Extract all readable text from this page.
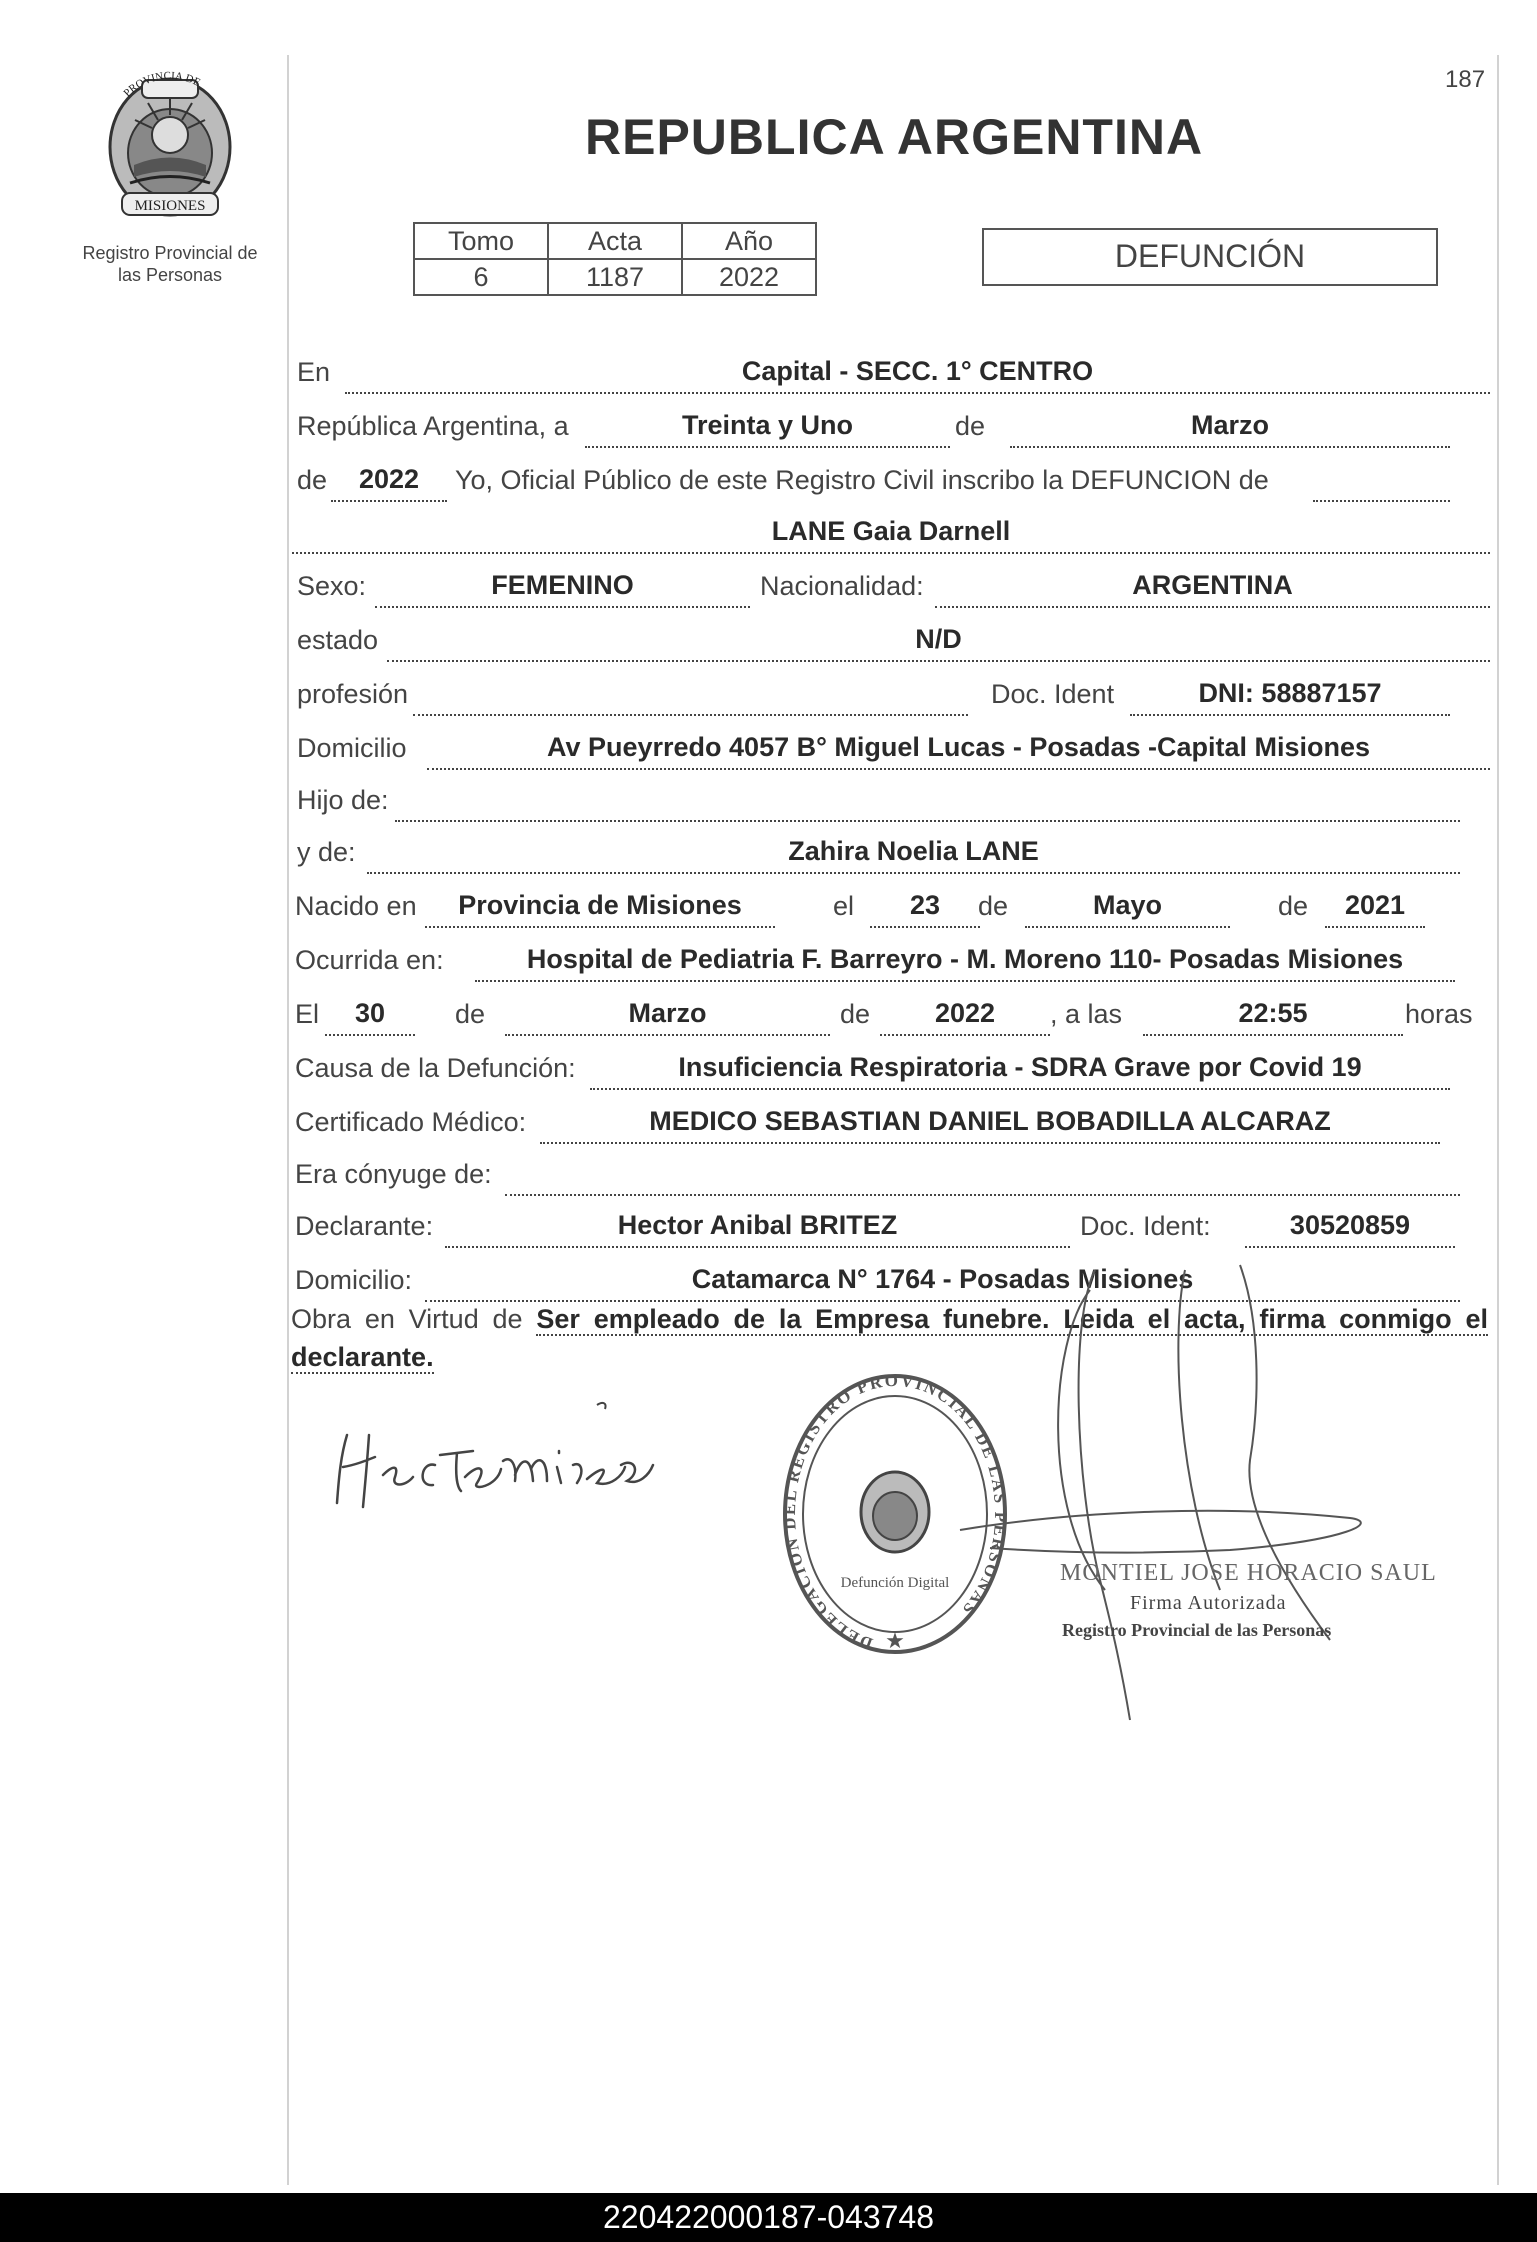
187
PROVINCIA DE
MISIONES
Registro Provincial de
las Personas
REPUBLICA ARGENTINA
Tomo	Acta	Año
6	1187	2022
DEFUNCIÓN
En	Capital - SECC. 1° CENTRO
República Argentina, a	Treinta y Uno	de	Marzo
de	2022	Yo, Oficial Público de este Registro Civil inscribo la DEFUNCION de
LANE Gaia Darnell
Sexo:	FEMENINO	Nacionalidad:	ARGENTINA
estado	N/D
profesión	Doc. Ident	DNI: 58887157
Domicilio	Av Pueyrredo 4057 B° Miguel Lucas - Posadas -Capital Misiones
Hijo de:
y de:	Zahira Noelia LANE
Nacido en	Provincia de Misiones	el	23	de	Mayo	de	2021
Ocurrida en:	Hospital de Pediatria F. Barreyro - M. Moreno 110- Posadas Misiones
El	30	de	Marzo	de	2022	, a las	22:55	horas
Causa de la Defunción:	Insuficiencia Respiratoria - SDRA Grave por Covid 19
Certificado Médico:	MEDICO SEBASTIAN DANIEL BOBADILLA ALCARAZ
Era cónyuge de:
Declarante:	Hector Anibal BRITEZ	Doc. Ident:	30520859
Domicilio:	Catamarca N° 1764 - Posadas Misiones
Obra en Virtud de Ser empleado de la Empresa funebre. Leida el acta, firma conmigo el declarante.
DELEGACION DEL REGISTRO PROVINCIAL DE LAS PERSONAS
Defunción Digital
★
MONTIEL JOSE HORACIO SAUL
Firma Autorizada
Registro Provincial de las Personas
220422000187-043748
